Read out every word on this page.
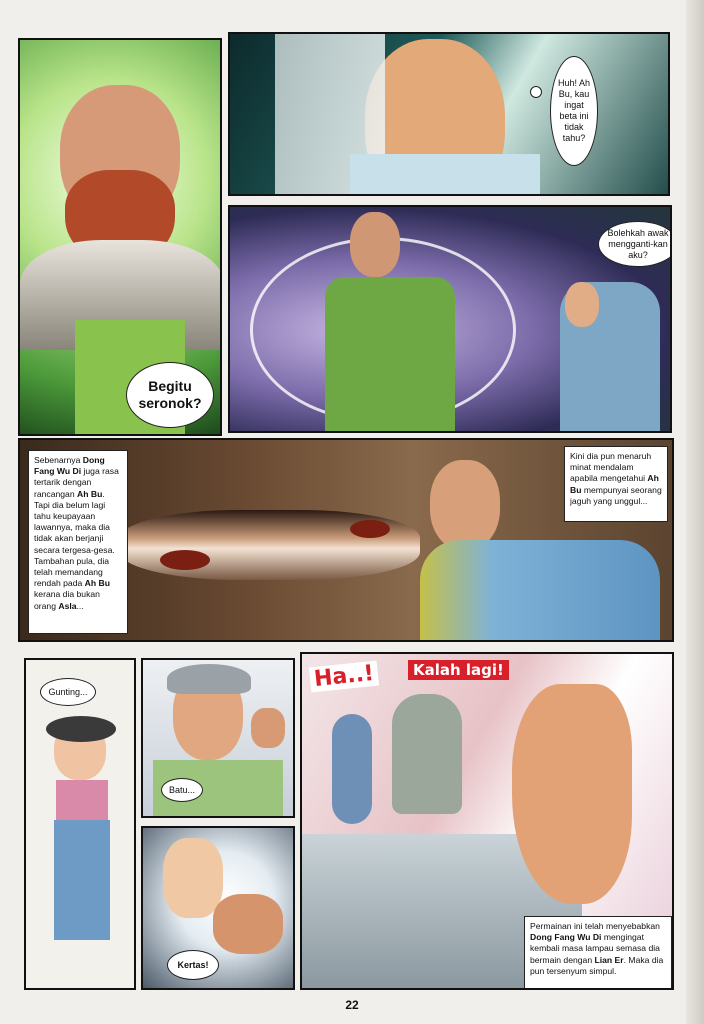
Begitu seronok?
Huh! Ah Bu, kau ingat beta ini tidak tahu?
Bolehkah awak mengganti-kan aku?
Sebenarnya Dong Fang Wu Di juga rasa tertarik dengan rancangan Ah Bu. Tapi dia belum lagi tahu keupayaan lawannya, maka dia tidak akan berjanji secara tergesa-gesa. Tambahan pula, dia telah memandang rendah pada Ah Bu kerana dia bukan orang Asla...
Kini dia pun menaruh minat mendalam apabila mengetahui Ah Bu mempunyai seorang jaguh yang unggul...
Gunting...
Batu...
Kertas!
Ha..!	Kalah lagi!
Permainan ini telah menyebabkan Dong Fang Wu Di mengingat kembali masa lampau semasa dia bermain dengan Lian Er. Maka dia pun tersenyum simpul.
22
